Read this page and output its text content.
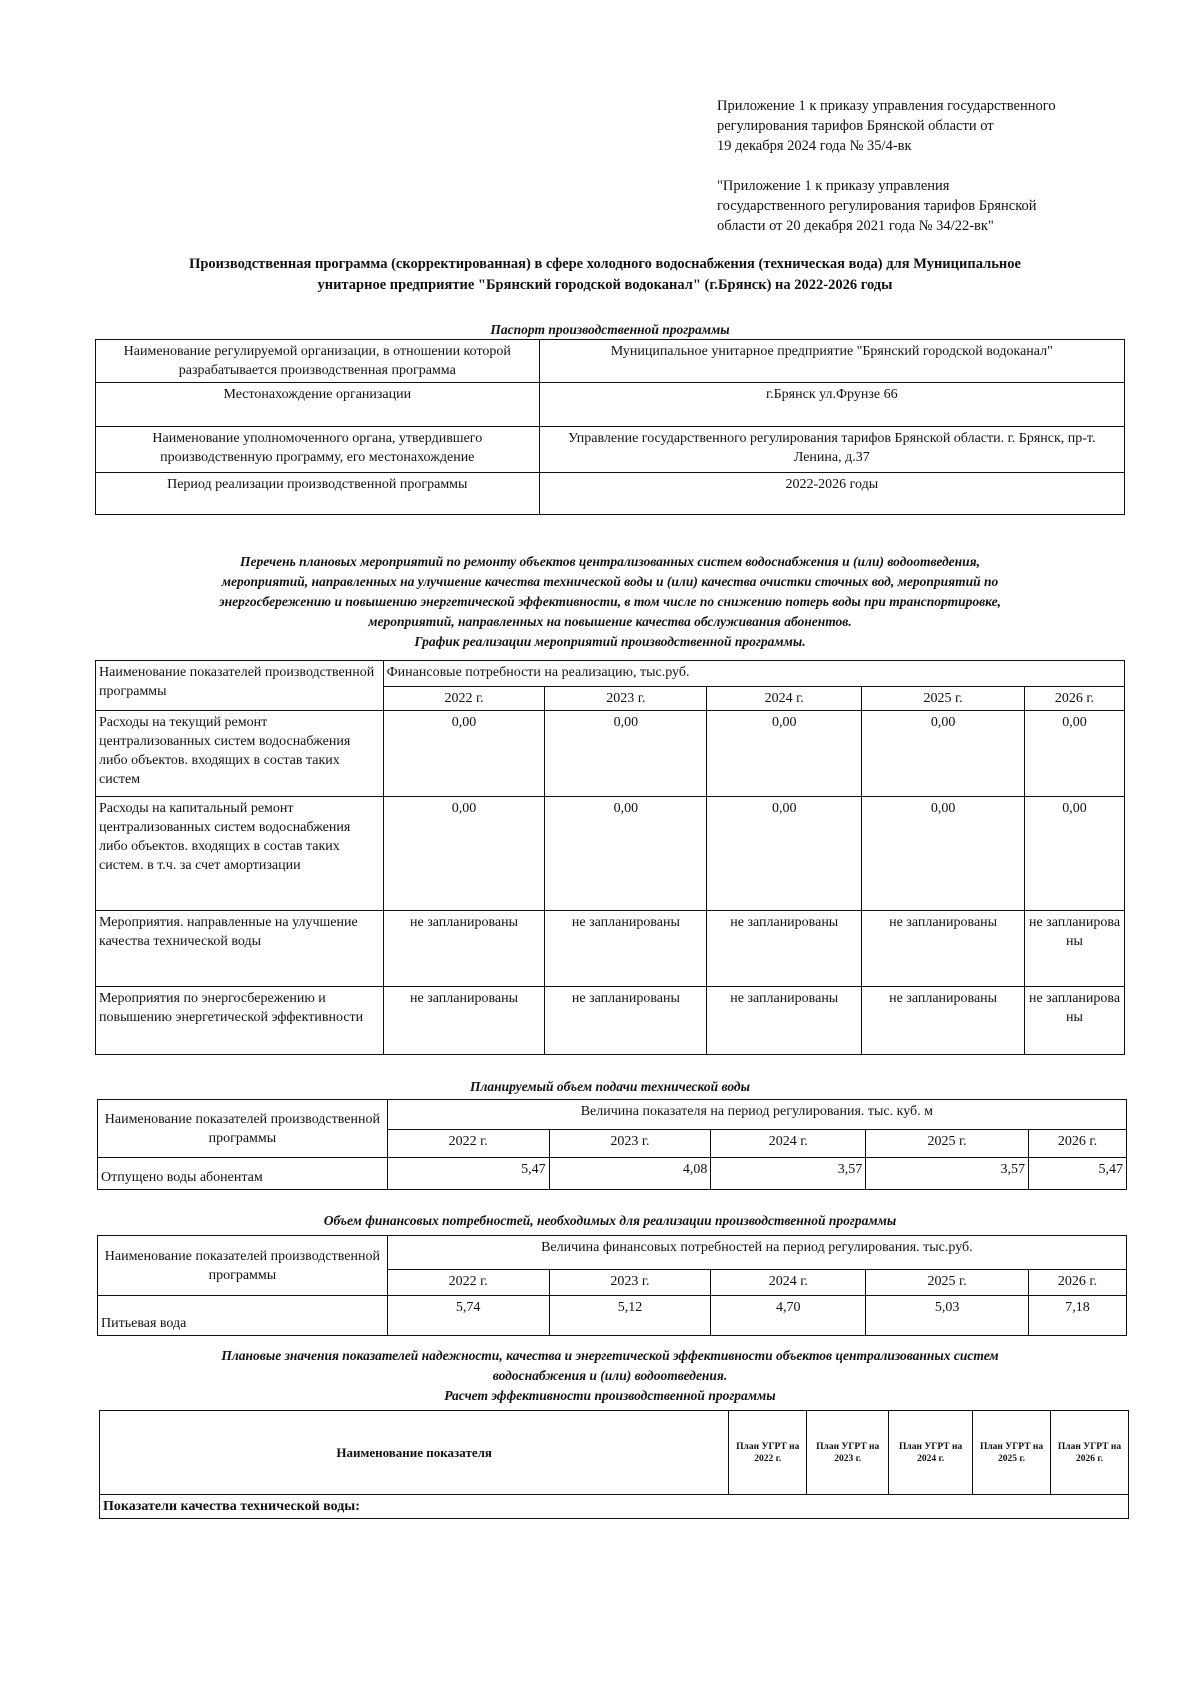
Приложение 1 к приказу управления государственного
регулирования тарифов Брянской области от
19 декабря 2024 года № 35/4-вк
"Приложение 1 к приказу управления
государственного регулирования тарифов Брянской
области от 20 декабря 2021 года № 34/22-вк"
Производственная программа (скорректированная) в сфере холодного водоснабжения (техническая вода) для Муниципальное
унитарное предприятие "Брянский городской водоканал" (г.Брянск) на 2022-2026 годы
Паспорт производственной программы
Наименование регулируемой организации, в отношении которой разрабатывается производственная программа	Муниципальное унитарное предприятие "Брянский городской водоканал"
Местонахождение организации	г.Брянск ул.Фрунзе 66
Наименование уполномоченного органа, утвердившего производственную программу, его местонахождение	Управление государственного регулирования тарифов Брянской области. г. Брянск, пр-т. Ленина, д.37
Период реализации производственной программы	2022-2026 годы
Перечень плановых мероприятий по ремонту объектов централизованных систем водоснабжения и (или) водоотведения,
мероприятий, направленных на улучшение качества технической воды и (или) качества очистки сточных вод, мероприятий по
энергосбережению и повышению энергетической эффективности, в том числе по снижению потерь воды при транспортировке,
мероприятий, направленных на повышение качества обслуживания абонентов.
График реализации мероприятий производственной программы.
Наименование показателей производственной программы	Финансовые потребности на реализацию, тыс.руб.				
	2022 г.	2023 г.	2024 г.	2025 г.	2026 г.
Расходы на текущий ремонт централизованных систем водоснабжения либо объектов. входящих в состав таких систем	0,00	0,00	0,00	0,00	0,00
Расходы на капитальный ремонт централизованных систем водоснабжения либо объектов. входящих в состав таких систем. в т.ч. за счет амортизации	0,00	0,00	0,00	0,00	0,00
Мероприятия. направленные на улучшение качества технической воды	не запланированы	не запланированы	не запланированы	не запланированы	не запланирова ны
Мероприятия по энергосбережению и повышению энергетической эффективности	не запланированы	не запланированы	не запланированы	не запланированы	не запланирова ны
Планируемый объем подачи технической воды
Наименование показателей производственной программы	Величина показателя на период регулирования. тыс. куб. м				
	2022 г.	2023 г.	2024 г.	2025 г.	2026 г.
Отпущено воды абонентам	5,47	4,08	3,57	3,57	5,47
Объем финансовых потребностей, необходимых для реализации производственной программы
Наименование показателей производственной программы	Величина финансовых потребностей на период регулирования. тыс.руб.				
	2022 г.	2023 г.	2024 г.	2025 г.	2026 г.
Питьевая вода	5,74	5,12	4,70	5,03	7,18
Плановые значения показателей надежности, качества и энергетической эффективности объектов централизованных систем
водоснабжения и (или) водоотведения.
Расчет эффективности производственной программы
Наименование показателя	План УГРТ на 2022 г.	План УГРТ на 2023 г.	План УГРТ на 2024 г.	План УГРТ на 2025 г.	План УГРТ на 2026 г.
Показатели качества технической воды:
